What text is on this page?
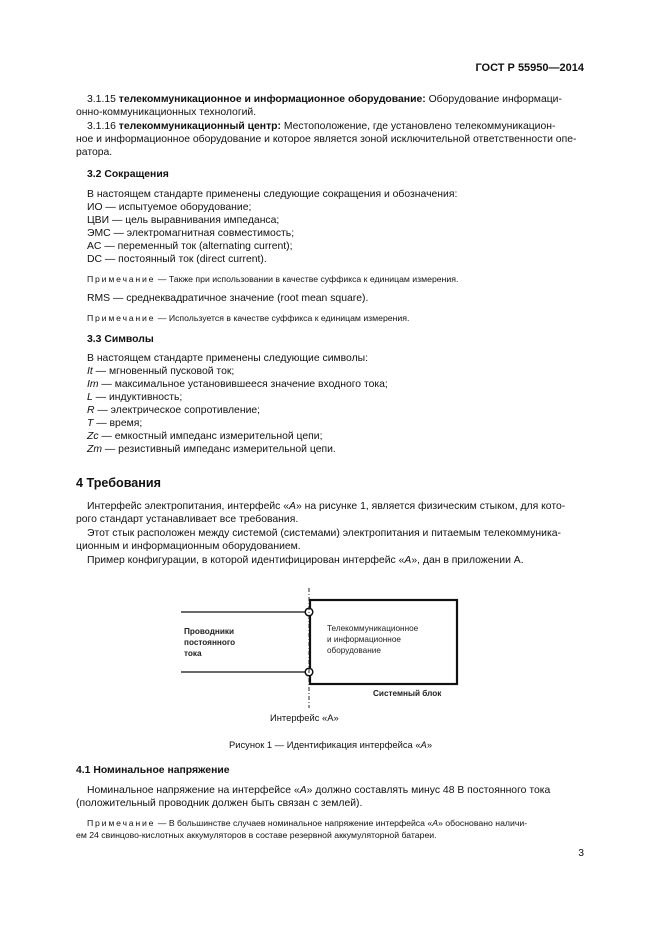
ГОСТ Р 55950—2014
3.1.15 телекоммуникационное и информационное оборудование: Оборудование информаци-
онно-коммуникационных технологий.
3.1.16 телекоммуникационный центр: Местоположение, где установлено телекоммуникацион-
ное и информационное оборудование и которое является зоной исключительной ответственности опе-
ратора.
3.2 Сокращения
В настоящем стандарте применены следующие сокращения и обозначения:
ИО — испытуемое оборудование;
ЦВИ — цель выравнивания импеданса;
ЭМС — электромагнитная совместимость;
AC — переменный ток (alternating current);
DC — постоянный ток (direct current).
Примечание — Также при использовании в качестве суффикса к единицам измерения.
RMS — среднеквадратичное значение (root mean square).
Примечание — Используется в качестве суффикса к единицам измерения.
3.3 Символы
В настоящем стандарте применены следующие символы:
It — мгновенный пусковой ток;
Im — максимальное установившееся значение входного тока;
L — индуктивность;
R — электрическое сопротивление;
T — время;
Zc — емкостный импеданс измерительной цепи;
Zm — резистивный импеданс измерительной цепи.
4 Требования
Интерфейс электропитания, интерфейс «A» на рисунке 1, является физическим стыком, для кото-
рого стандарт устанавливает все требования.
Этот стык расположен между системой (системами) электропитания и питаемым телекоммуника-
ционным и информационным оборудованием.
Пример конфигурации, в которой идентифицирован интерфейс «A», дан в приложении А.
Проводники
постоянного
тока
Телекоммуникационное
и информационное
оборудование
Системный блок
Интерфейс «А»
Рисунок 1 — Идентификация интерфейса «А»
4.1 Номинальное напряжение
Номинальное напряжение на интерфейсе «A» должно составлять минус 48 В постоянного тока
(положительный проводник должен быть связан с землей).
Примечание — В большинстве случаев номинальное напряжение интерфейса «A» обосновано наличи-
ем 24 свинцово-кислотных аккумуляторов в составе резервной аккумуляторной батареи.
3
